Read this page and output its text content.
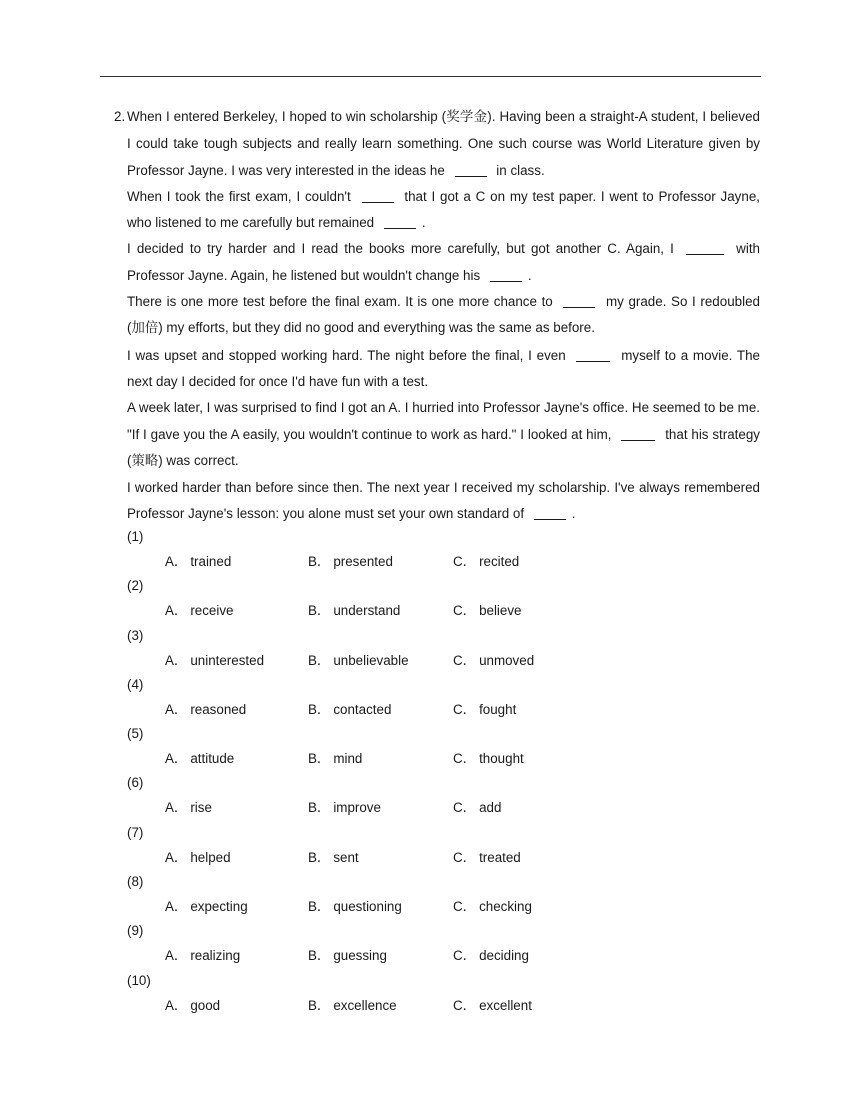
2. When I entered Berkeley, I hoped to win scholarship (奖学金). Having been a straight-A student, I believed I could take tough subjects and really learn something. One such course was World Literature given by Professor Jayne. I was very interested in the ideas he	in class.

When I took the first exam, I couldn't	that I got a C on my test paper. I went to Professor Jayne, who listened to me carefully but remained	.

I decided to try harder and I read the books more carefully, but got another C. Again, I	with Professor Jayne. Again, he listened but wouldn't change his	.

There is one more test before the final exam. It is one more chance to	my grade. So I redoubled (加倍) my efforts, but they did no good and everything was the same as before.

I was upset and stopped working hard. The night before the final, I even	myself to a movie. The next day I decided for once I'd have fun with a test.

A week later, I was surprised to find I got an A. I hurried into Professor Jayne's office. He seemed to be me. "If I gave you the A easily, you wouldn't continue to work as hard." I looked at him,	that his strategy (策略) was correct.

I worked harder than before since then. The next year I received my scholarship. I've always remembered Professor Jayne's lesson: you alone must set your own standard of	.

(1)
A． trained	B． presented	C． recited
(2)
A． receive	B． understand	C． believe
(3)
A． uninterested	B． unbelievable	C． unmoved
(4)
A． reasoned	B． contacted	C． fought
(5)
A． attitude	B． mind	C． thought
(6)
A． rise	B． improve	C． add
(7)
A． helped	B． sent	C． treated
(8)
A． expecting	B． questioning	C． checking
(9)
A． realizing	B． guessing	C． deciding
(10)
A． good	B． excellence	C． excellent
